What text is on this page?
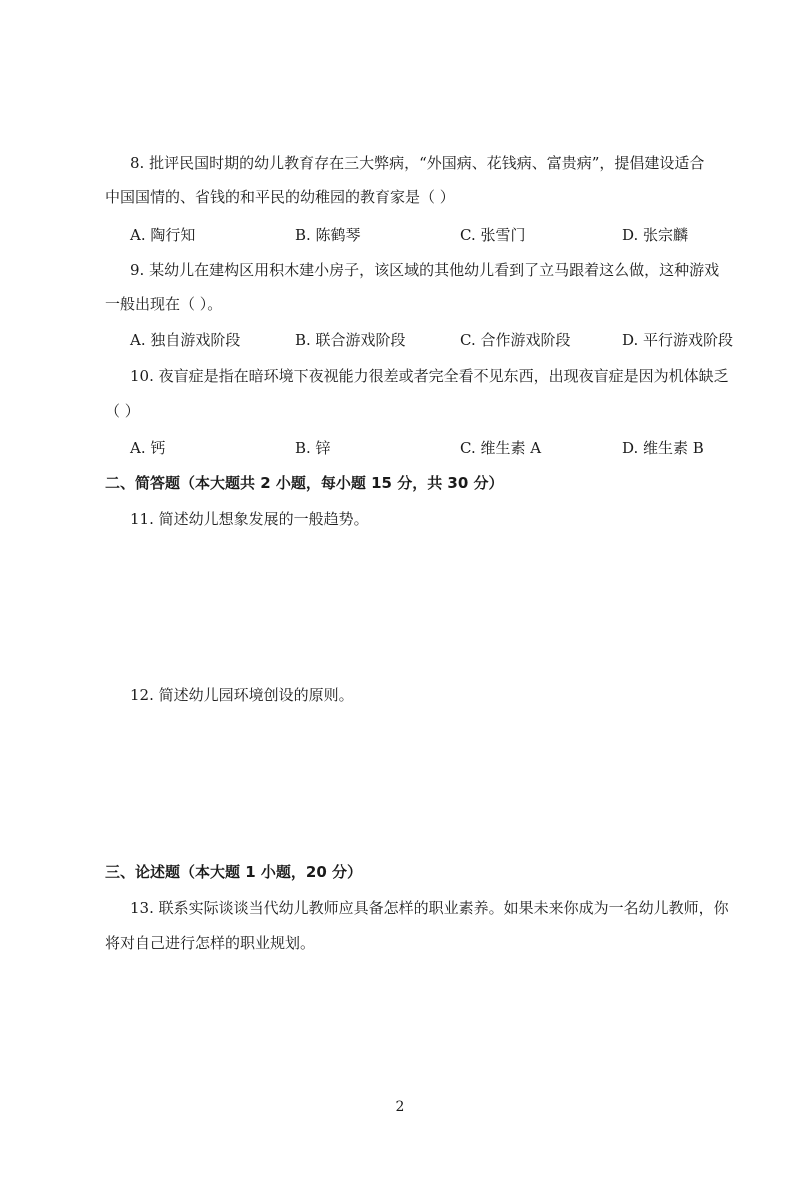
8. 批评民国时期的幼儿教育存在三大弊病，“外国病、花钱病、富贵病”，提倡建设适合
中国国情的、省钱的和平民的幼稚园的教育家是（ ）
A. 陶行知	B. 陈鹤琴	C. 张雪门	D. 张宗麟
9. 某幼儿在建构区用积木建小房子，该区域的其他幼儿看到了立马跟着这么做，这种游戏
一般出现在（ ）。
A. 独自游戏阶段	B. 联合游戏阶段	C. 合作游戏阶段	D. 平行游戏阶段
10. 夜盲症是指在暗环境下夜视能力很差或者完全看不见东西，出现夜盲症是因为机体缺乏
（ ）
A. 钙	B. 锌	C. 维生素 A	D. 维生素 B
二、简答题（本大题共 2 小题，每小题 15 分，共 30 分）
11. 简述幼儿想象发展的一般趋势。
12. 简述幼儿园环境创设的原则。
三、论述题（本大题 1 小题，20 分）
13. 联系实际谈谈当代幼儿教师应具备怎样的职业素养。如果未来你成为一名幼儿教师，你
将对自己进行怎样的职业规划。
2
